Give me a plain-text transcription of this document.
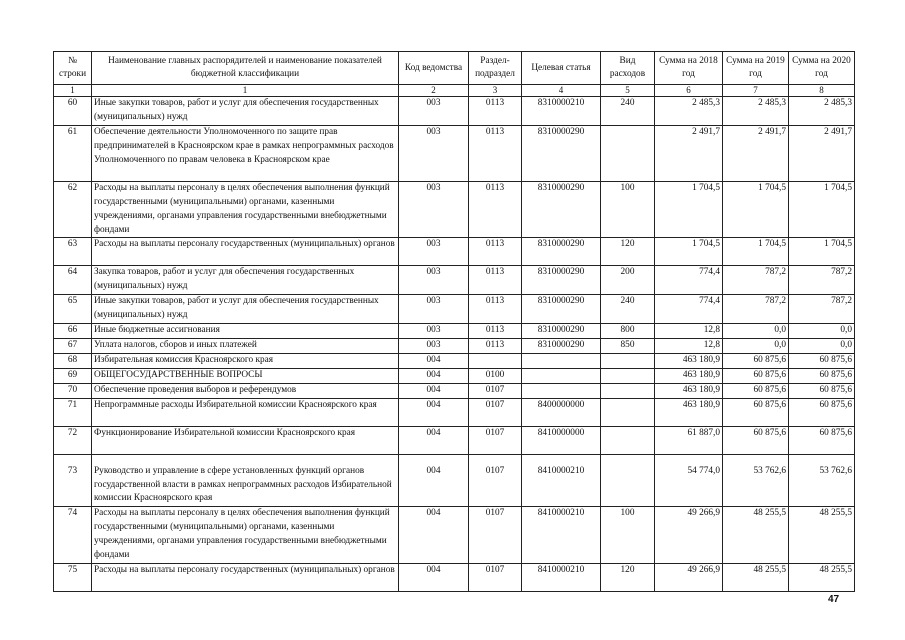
№ строки	Наименование главных распорядителей и наименование показателей бюджетной классификации	Код ведомства	Раздел-подраздел	Целевая статья	Вид расходов	Сумма на 2018 год	Сумма на 2019 год	Сумма на 2020 год
1	1	2	3	4	5	6	7	8
60	Иные закупки товаров, работ и услуг для обеспечения государственных (муниципальных) нужд	003	0113	8310000210	240	2 485,3	2 485,3	2 485,3
61	Обеспечение деятельности Уполномоченного по защите прав предпринимателей в Красноярском крае в рамках непрограммных расходов Уполномоченного по правам человека в Красноярском крае	003	0113	8310000290		2 491,7	2 491,7	2 491,7
62	Расходы на выплаты персоналу в целях обеспечения выполнения функций государственными (муниципальными) органами, казенными учреждениями, органами управления государственными внебюджетными фондами	003	0113	8310000290	100	1 704,5	1 704,5	1 704,5
63	Расходы на выплаты персоналу государственных (муниципальных) органов	003	0113	8310000290	120	1 704,5	1 704,5	1 704,5
64	Закупка товаров, работ и услуг для обеспечения государственных (муниципальных) нужд	003	0113	8310000290	200	774,4	787,2	787,2
65	Иные закупки товаров, работ и услуг для обеспечения государственных (муниципальных) нужд	003	0113	8310000290	240	774,4	787,2	787,2
66	Иные бюджетные ассигнования	003	0113	8310000290	800	12,8	0,0	0,0
67	Уплата налогов, сборов и иных платежей	003	0113	8310000290	850	12,8	0,0	0,0
68	Избирательная комиссия Красноярского края	004				463 180,9	60 875,6	60 875,6
69	ОБЩЕГОСУДАРСТВЕННЫЕ ВОПРОСЫ	004	0100			463 180,9	60 875,6	60 875,6
70	Обеспечение проведения выборов и референдумов	004	0107			463 180,9	60 875,6	60 875,6
71	Непрограммные расходы Избирательной комиссии Красноярского края	004	0107	8400000000		463 180,9	60 875,6	60 875,6
72	Функционирование Избирательной комиссии Красноярского края	004	0107	8410000000		61 887,0	60 875,6	60 875,6
73	Руководство и управление в сфере установленных функций органов государственной власти в рамках непрограммных расходов Избирательной комиссии Красноярского края	004	0107	8410000210		54 774,0	53 762,6	53 762,6
74	Расходы на выплаты персоналу в целях обеспечения выполнения функций государственными (муниципальными) органами, казенными учреждениями, органами управления государственными внебюджетными фондами	004	0107	8410000210	100	49 266,9	48 255,5	48 255,5
75	Расходы на выплаты персоналу государственных (муниципальных) органов	004	0107	8410000210	120	49 266,9	48 255,5	48 255,5
47
